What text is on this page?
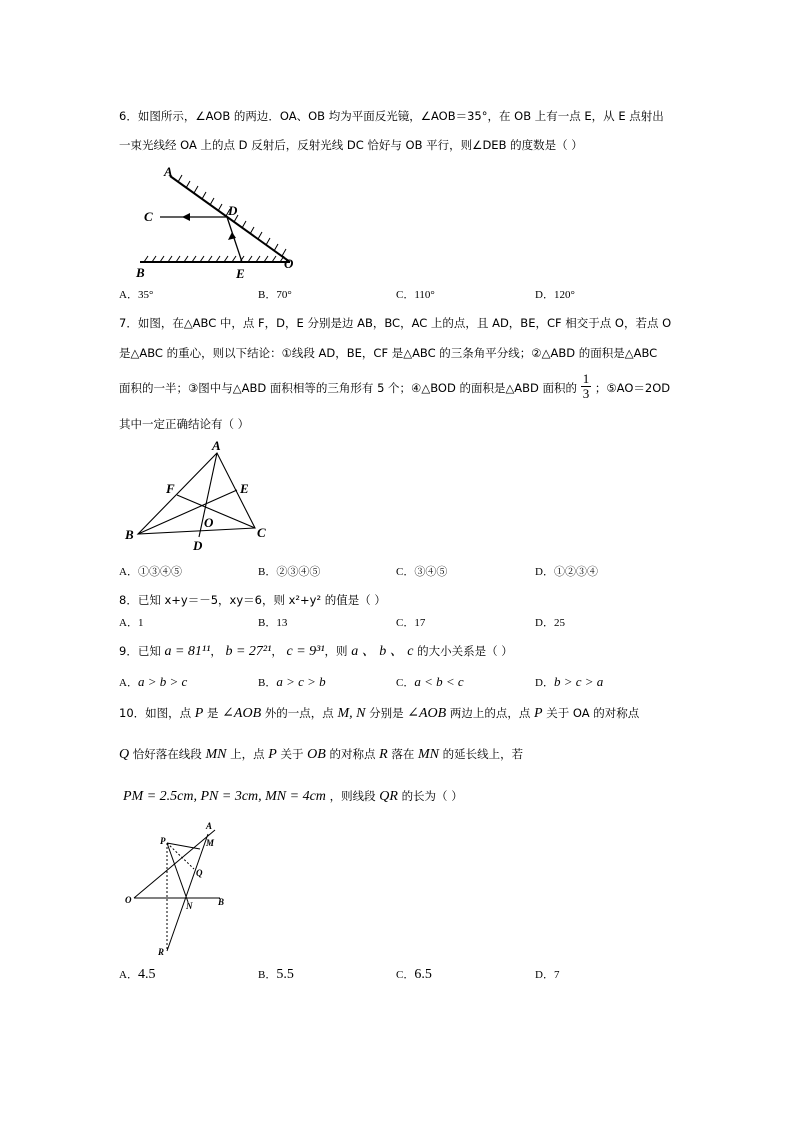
6．如图所示，∠AOB 的两边．OA、OB 均为平面反光镜，∠AOB＝35°，在 OB 上有一点 E，从 E 点射出
一束光线经 OA 上的点 D 反射后，反射光线 DC 恰好与 OB 平行，则∠DEB 的度数是（ ）
A
C	D
B	E
O
A．35°	B．70°	C．110°	D．120°
7．如图，在△ABC 中，点 F，D，E 分别是边 AB，BC，AC 上的点，且 AD，BE，CF 相交于点 O，若点 O
是△ABC 的重心，则以下结论：①线段 AD，BE，CF 是△ABC 的三条角平分线；②△ABD 的面积是△ABC
面积的一半；③图中与△ABD 面积相等的三角形有 5 个；④△BOD 的面积是△ABD 面积的 $\frac{1}{3}$ ；⑤AO＝2OD
其中一定正确结论有（ ）
A
B	C
D
E
F
O
A．①③④⑤	B．②③④⑤	C．③④⑤	D．①②③④
8．已知 x+y＝－5，xy＝6，则 x²+y² 的值是（ ）
A．1	B．13	C．17	D．25
9．已知 a = 81¹¹， b = 27²¹， c = 9³¹，则 a 、 b 、 c 的大小关系是（ ）
A．a > b > c	B．a > c > b	C．a < b < c	D．b > c > a
10．如图，点 P 是 ∠AOB 外的一点，点 M, N 分别是 ∠AOB 两边上的点，点 P 关于 OA 的对称点
Q 恰好落在线段 MN 上，点 P 关于 OB 的对称点 R 落在 MN 的延长线上，若
PM = 2.5cm, PN = 3cm, MN = 4cm ，则线段 QR 的长为（ ）
P
A
M
Q
O
N	B
R
A．4.5	B．5.5	C．6.5	D．7
